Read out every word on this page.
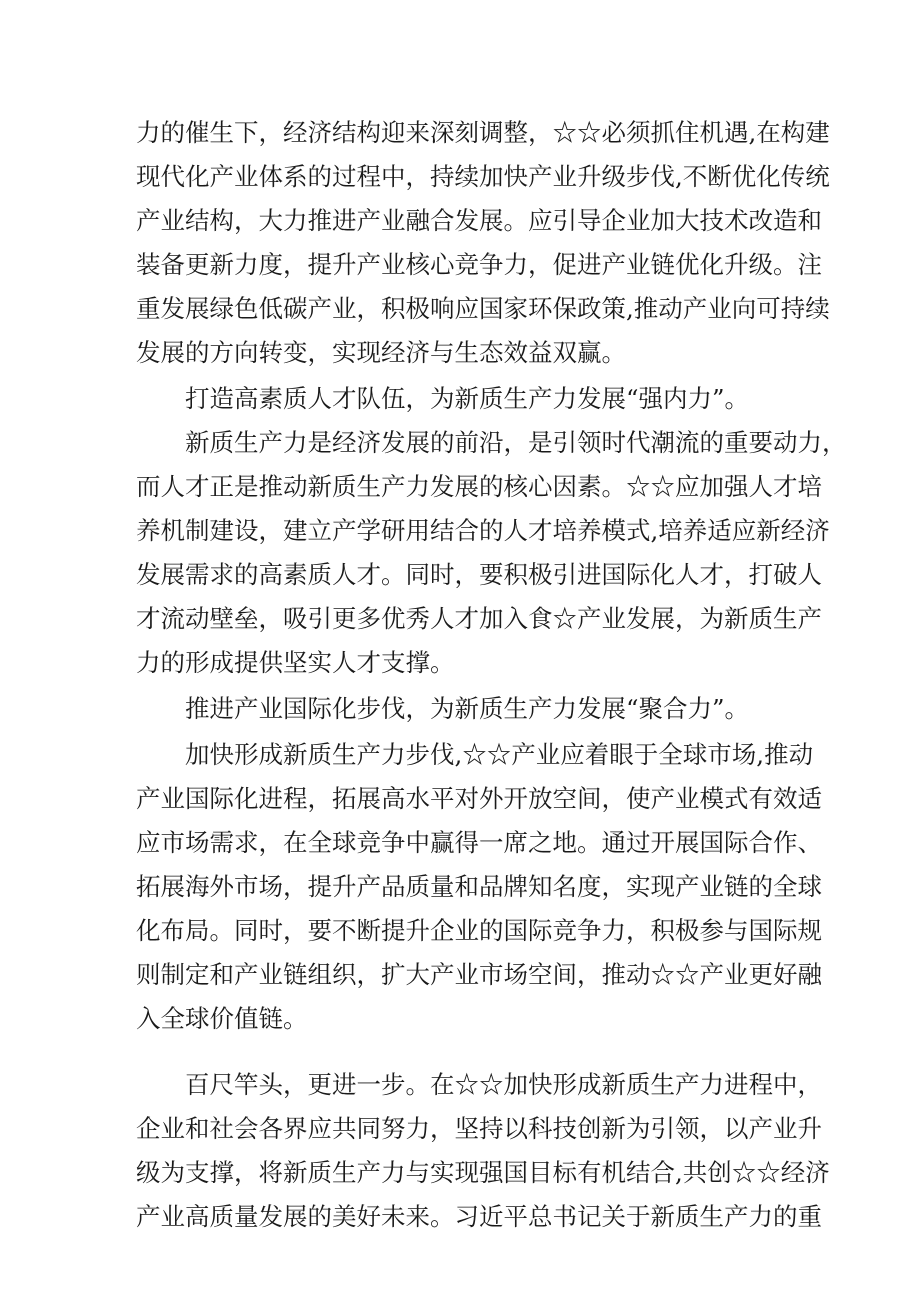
力的催生下，经济结构迎来深刻调整，☆☆必须抓住机遇,在构建
现代化产业体系的过程中，持续加快产业升级步伐,不断优化传统
产业结构，大力推进产业融合发展。应引导企业加大技术改造和
装备更新力度，提升产业核心竞争力，促进产业链优化升级。注
重发展绿色低碳产业，积极响应国家环保政策,推动产业向可持续
发展的方向转变，实现经济与生态效益双赢。
打造高素质人才队伍，为新质生产力发展“强内力”。
新质生产力是经济发展的前沿，是引领时代潮流的重要动力，
而人才正是推动新质生产力发展的核心因素。☆☆应加强人才培
养机制建设，建立产学研用结合的人才培养模式,培养适应新经济
发展需求的高素质人才。同时，要积极引进国际化人才，打破人
才流动壁垒，吸引更多优秀人才加入食☆产业发展，为新质生产
力的形成提供坚实人才支撑。
推进产业国际化步伐，为新质生产力发展“聚合力”。
加快形成新质生产力步伐,☆☆产业应着眼于全球市场,推动
产业国际化进程，拓展高水平对外开放空间，使产业模式有效适
应市场需求，在全球竞争中赢得一席之地。通过开展国际合作、
拓展海外市场，提升产品质量和品牌知名度，实现产业链的全球
化布局。同时，要不断提升企业的国际竞争力，积极参与国际规
则制定和产业链组织，扩大产业市场空间，推动☆☆产业更好融
入全球价值链。
百尺竿头，更进一步。在☆☆加快形成新质生产力进程中，
企业和社会各界应共同努力，坚持以科技创新为引领，以产业升
级为支撑，将新质生产力与实现强国目标有机结合,共创☆☆经济
产业高质量发展的美好未来。习近平总书记关于新质生产力的重
